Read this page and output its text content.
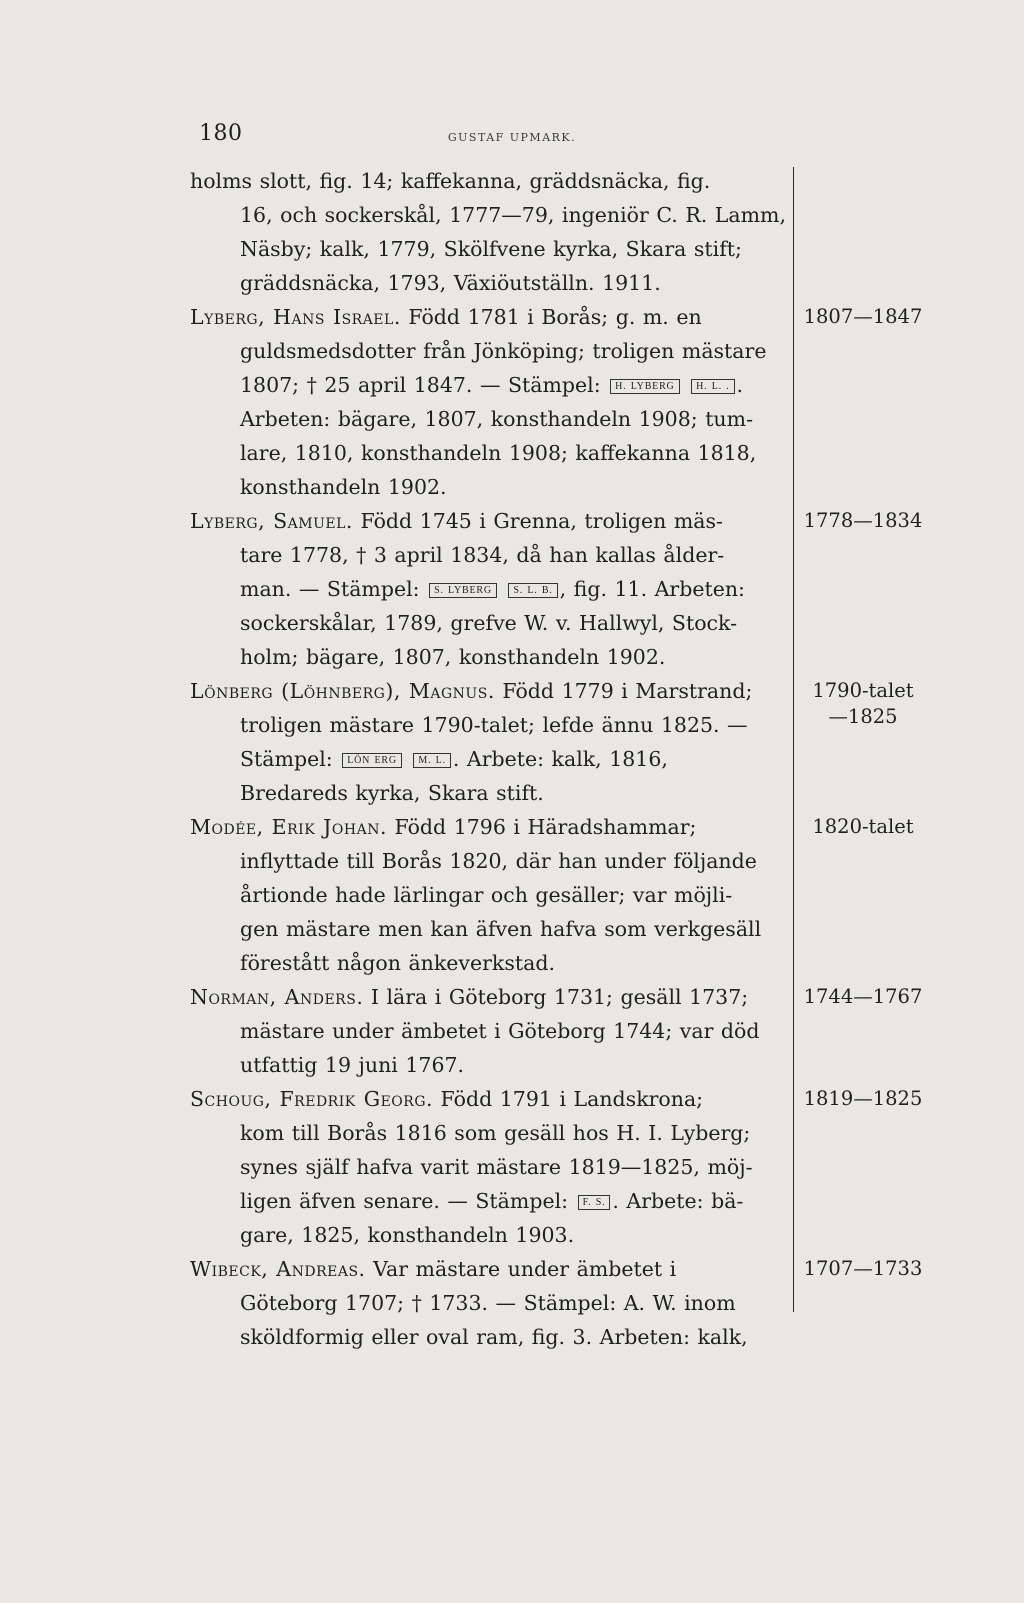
180	GUSTAF UPMARK.
holms slott, fig. 14; kaffekanna, gräddsnäcka, fig.
16, och sockerskål, 1777—79, ingeniör C. R. Lamm,
Näsby; kalk, 1779, Skölfvene kyrka, Skara stift;
gräddsnäcka, 1793, Växiöutställn. 1911.
Lyberg, Hans Israel. Född 1781 i Borås; g. m. en	1807—1847
guldsmedsdotter från Jönköping; troligen mästare
1807; † 25 april 1847. — Stämpel: H. LYBERG H. L. . .
Arbeten: bägare, 1807, konsthandeln 1908; tum-
lare, 1810, konsthandeln 1908; kaffekanna 1818,
konsthandeln 1902.
Lyberg, Samuel. Född 1745 i Grenna, troligen mäs-	1778—1834
tare 1778, † 3 april 1834, då han kallas ålder-
man. — Stämpel: S. LYBERG S. L. B. , fig. 11. Arbeten:
sockerskålar, 1789, grefve W. v. Hallwyl, Stock-
holm; bägare, 1807, konsthandeln 1902.
Lönberg (Löhnberg), Magnus. Född 1779 i Marstrand;	1790-talet
—1825
troligen mästare 1790-talet; lefde ännu 1825. —
Stämpel: LÖN ERG M. L. . Arbete: kalk, 1816,
Bredareds kyrka, Skara stift.
Modée, Erik Johan. Född 1796 i Häradshammar;	1820-talet
inflyttade till Borås 1820, där han under följande
årtionde hade lärlingar och gesäller; var möjli-
gen mästare men kan äfven hafva som verkgesäll
förestått någon änkeverkstad.
Norman, Anders. I lära i Göteborg 1731; gesäll 1737;	1744—1767
mästare under ämbetet i Göteborg 1744; var död
utfattig 19 juni 1767.
Schoug, Fredrik Georg. Född 1791 i Landskrona;	1819—1825
kom till Borås 1816 som gesäll hos H. I. Lyberg;
synes själf hafva varit mästare 1819—1825, möj-
ligen äfven senare. — Stämpel: F. S. . Arbete: bä-
gare, 1825, konsthandeln 1903.
Wibeck, Andreas. Var mästare under ämbetet i	1707—1733
Göteborg 1707; † 1733. — Stämpel: A. W. inom
sköldformig eller oval ram, fig. 3. Arbeten: kalk,
